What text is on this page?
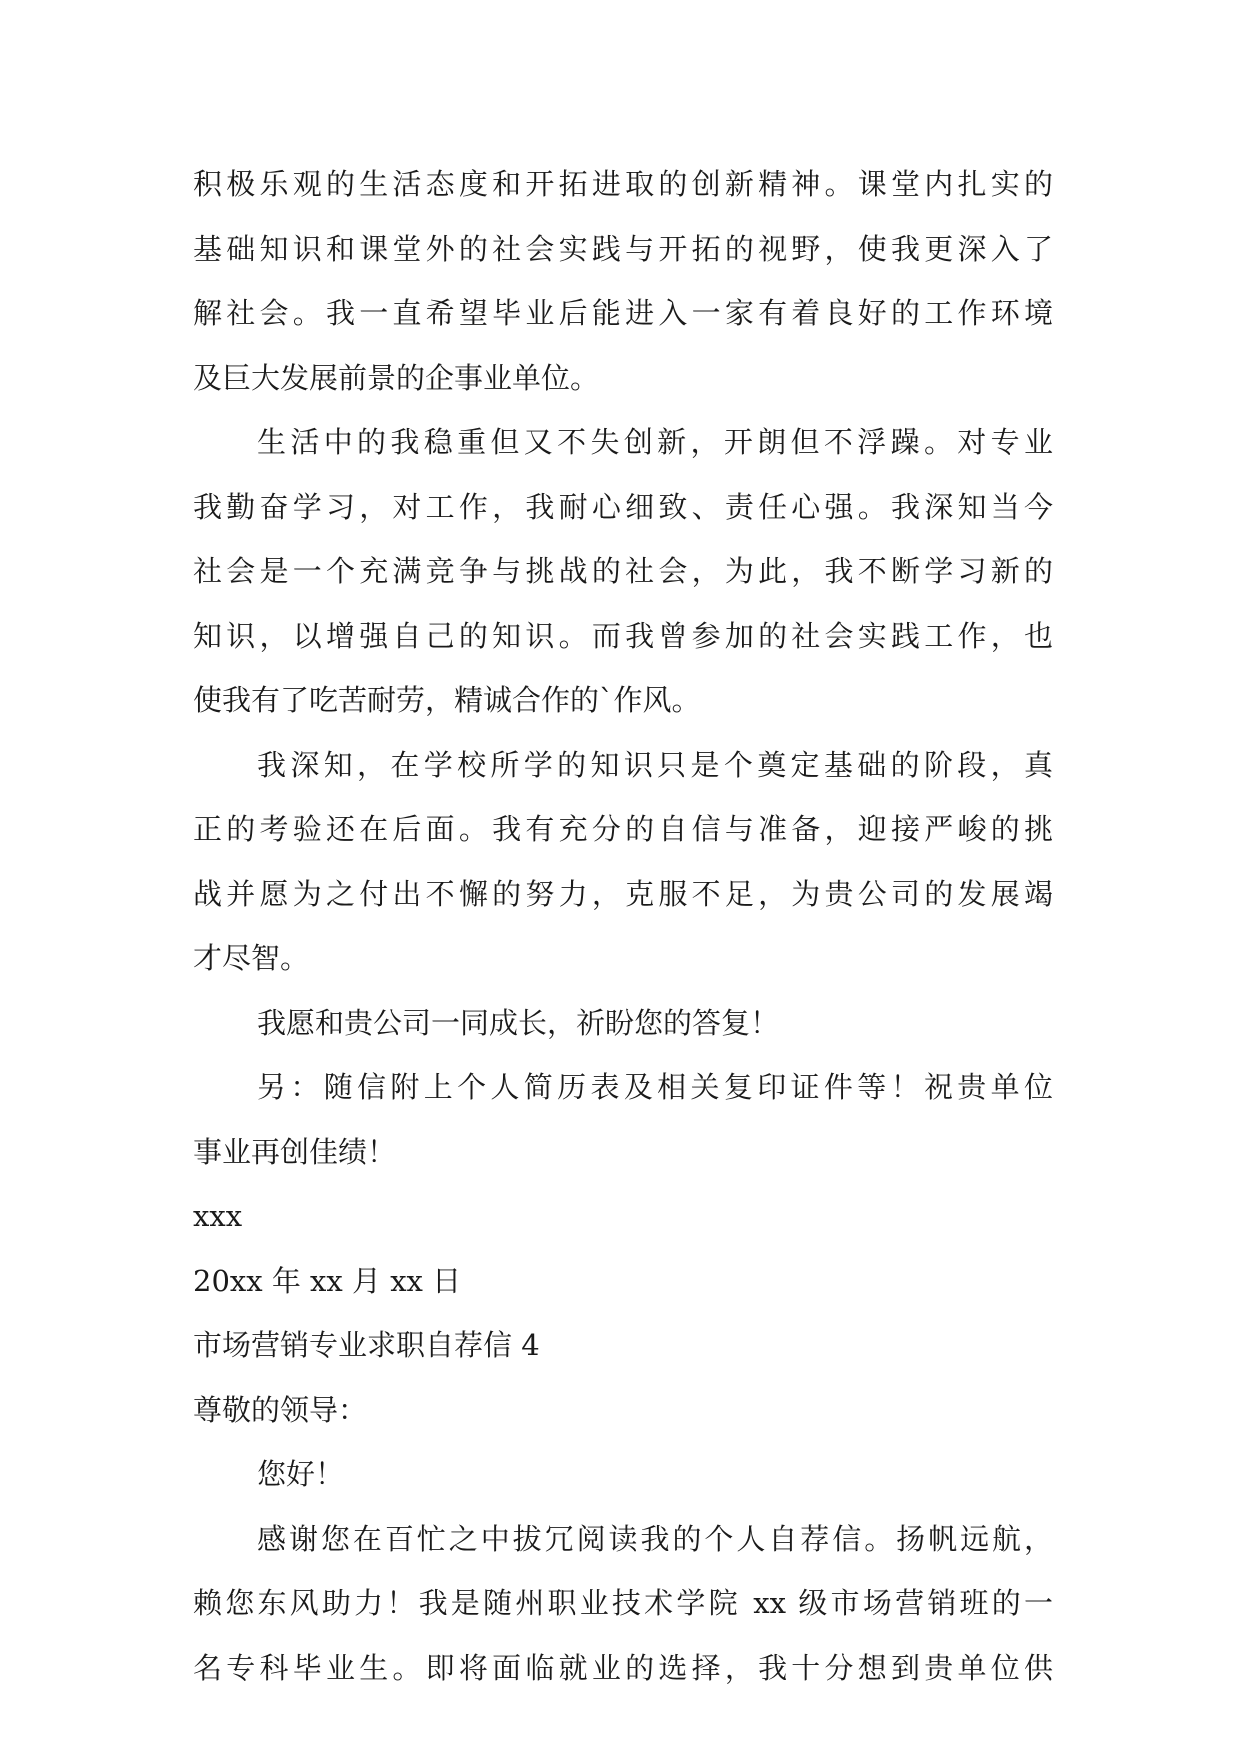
积极乐观的生活态度和开拓进取的创新精神。课堂内扎实的
基础知识和课堂外的社会实践与开拓的视野，使我更深入了
解社会。我一直希望毕业后能进入一家有着良好的工作环境
及巨大发展前景的企事业单位。
生活中的我稳重但又不失创新，开朗但不浮躁。对专业
我勤奋学习，对工作，我耐心细致、责任心强。我深知当今
社会是一个充满竞争与挑战的社会，为此，我不断学习新的
知识，以增强自己的知识。而我曾参加的社会实践工作，也
使我有了吃苦耐劳，精诚合作的`作风。
我深知，在学校所学的知识只是个奠定基础的阶段，真
正的考验还在后面。我有充分的自信与准备，迎接严峻的挑
战并愿为之付出不懈的努力，克服不足，为贵公司的发展竭
才尽智。
我愿和贵公司一同成长，祈盼您的答复！
另：随信附上个人简历表及相关复印证件等！祝贵单位
事业再创佳绩！
xxx
20xx 年 xx 月 xx 日
市场营销专业求职自荐信 4
尊敬的领导：
您好！
感谢您在百忙之中拔冗阅读我的个人自荐信。扬帆远航，
赖您东风助力！我是随州职业技术学院 xx 级市场营销班的一
名专科毕业生。即将面临就业的选择，我十分想到贵单位供
